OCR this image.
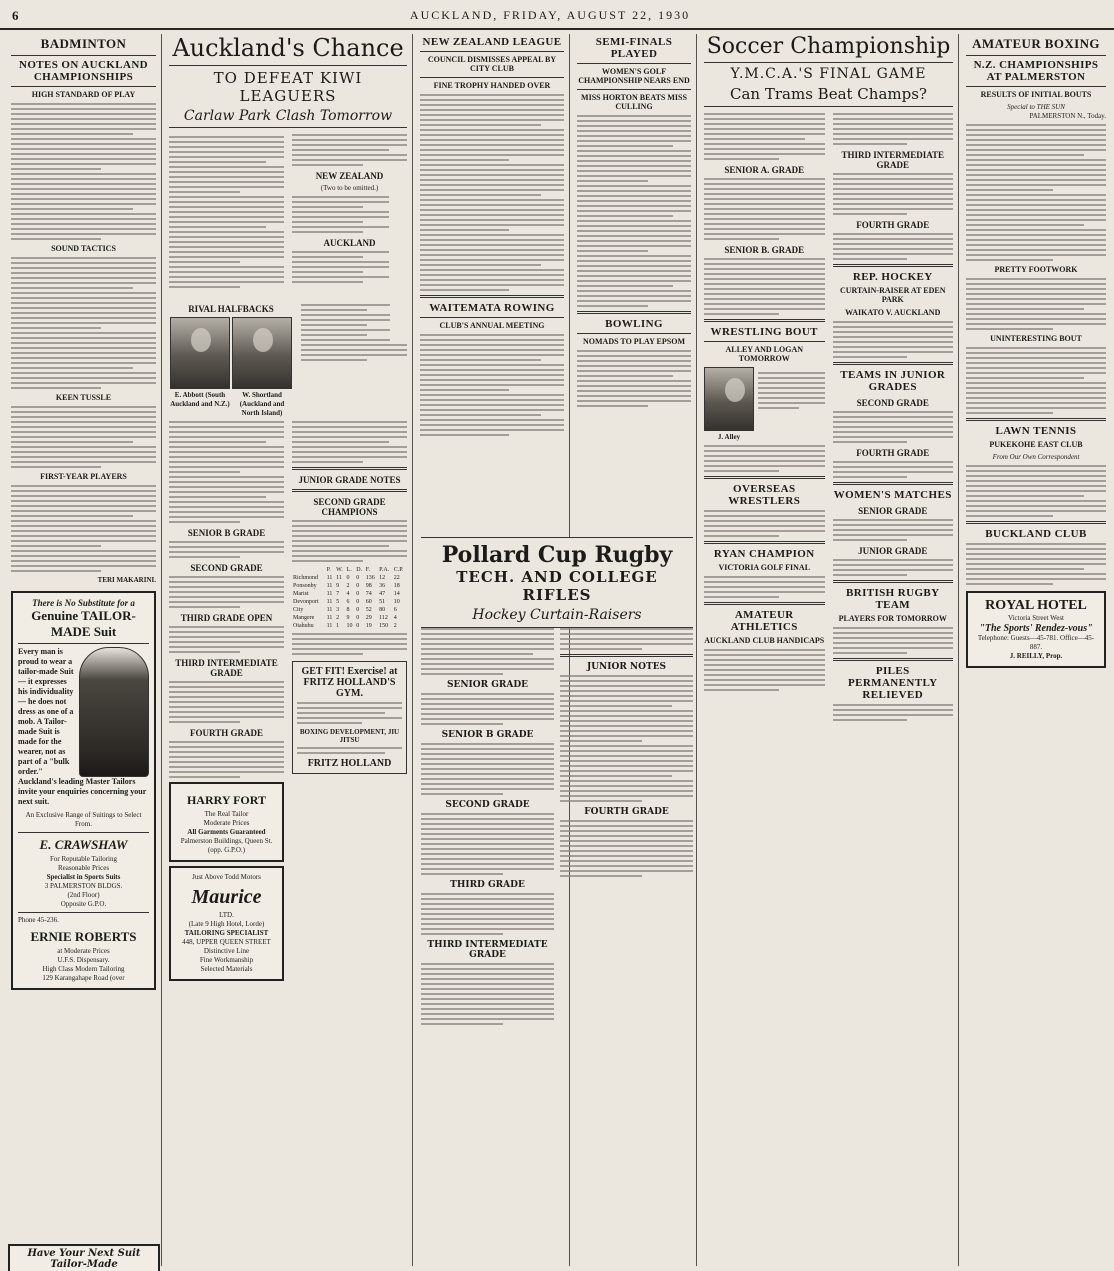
6	AUCKLAND, FRIDAY, AUGUST 22, 1930
BADMINTON
NOTES ON AUCKLAND CHAMPIONSHIPS
HIGH STANDARD OF PLAY
SOUND TACTICS
KEEN TUSSLE
FIRST-YEAR PLAYERS
TERI MAKARINI.
There is No Substitute for a
Genuine TAILOR-MADE Suit
Every man is proud to wear a tailor-made Suit — it expresses his individuality — he does not dress as one of a mob. A Tailor-made Suit is made for the wearer, not as part of a "bulk order." Auckland's leading Master Tailors invite your enquiries concerning your next suit.
An Exclusive Range of Suitings to Select From.
E. CRAWSHAW
For Reputable Tailoring
Reasonable Prices
Specialist in Sports Suits
3 PALMERSTON BLDGS.
(2nd Floor)
Opposite G.P.O.
Phone 45-236.
ERNIE ROBERTS
at Moderate Prices
U.F.S. Dispensary.
High Class Modern Tailoring
129 Karangahape Road (over
Auckland's Chance
TO DEFEAT KIWI LEAGUERS
Carlaw Park Clash Tomorrow
NEW ZEALAND
(Two to be omitted.)
AUCKLAND
RIVAL HALFBACKS
E. Abbott (South Auckland and N.Z.)
W. Shortland (Auckland and North Island)
SENIOR B GRADE
SECOND GRADE
THIRD GRADE OPEN
THIRD INTERMEDIATE GRADE
FOURTH GRADE
HARRY FORT
The Real Tailor
Moderate Prices
All Garments Guaranteed
Palmerston Buildings, Queen St.
(opp. G.P.O.)
Just Above Todd Motors
Maurice
LTD.
(Late 9 High Hotel, Lorde)
TAILORING SPECIALIST
448, UPPER QUEEN STREET
Distinctive Line
Fine Workmanship
Selected Materials
JUNIOR GRADE NOTES
SECOND GRADE CHAMPIONS
	P.	W.	L.	D.	F.	P.A.	C.P.
Richmond	11	11	0	0	136	12	22
Ponsonby	11	9	2	0	98	36	18
Marist	11	7	4	0	74	47	14
Devonport	11	5	6	0	60	51	10
City	11	3	8	0	52	80	6
Mangere	11	2	9	0	29	112	4
Otahuhu	11	1	10	0	19	150	2
GET FIT! Exercise! at FRITZ HOLLAND'S GYM.
BOXING DEVELOPMENT, JIU JITSU
FRITZ HOLLAND
NEW ZEALAND LEAGUE
COUNCIL DISMISSES APPEAL BY CITY CLUB
FINE TROPHY HANDED OVER
WAITEMATA ROWING
CLUB'S ANNUAL MEETING
SEMI-FINALS PLAYED
WOMEN'S GOLF CHAMPIONSHIP NEARS END
MISS HORTON BEATS MISS CULLING
BOWLING
NOMADS TO PLAY EPSOM
Pollard Cup Rugby
TECH. AND COLLEGE RIFLES
Hockey Curtain-Raisers
SENIOR GRADE
SENIOR B GRADE
SECOND GRADE
THIRD GRADE
THIRD INTERMEDIATE GRADE
JUNIOR NOTES
FOURTH GRADE
Soccer Championship
Y.M.C.A.'S FINAL GAME
Can Trams Beat Champs?
SENIOR A. GRADE
SENIOR B. GRADE
WRESTLING BOUT
ALLEY AND LOGAN TOMORROW
J. Alley
OVERSEAS WRESTLERS
RYAN CHAMPION
VICTORIA GOLF FINAL
AMATEUR ATHLETICS
AUCKLAND CLUB HANDICAPS
THIRD INTERMEDIATE GRADE
FOURTH GRADE
REP. HOCKEY
CURTAIN-RAISER AT EDEN PARK
WAIKATO V. AUCKLAND
TEAMS IN JUNIOR GRADES
SECOND GRADE
FOURTH GRADE
WOMEN'S MATCHES
SENIOR GRADE
JUNIOR GRADE
BRITISH RUGBY TEAM
PLAYERS FOR TOMORROW
PILES PERMANENTLY RELIEVED
AMATEUR BOXING
N.Z. CHAMPIONSHIPS AT PALMERSTON
RESULTS OF INITIAL BOUTS
Special to THE SUN
PALMERSTON N., Today.
PRETTY FOOTWORK
UNINTERESTING BOUT
LAWN TENNIS
PUKEKOHE EAST CLUB
From Our Own Correspondent
BUCKLAND CLUB
ROYAL HOTEL
Victoria Street West
"The Sports' Rendez-vous"
Telephone: Guests—45-781. Office—45-887.
J. REILLY, Prop.
Have Your Next Suit Tailor-Made
